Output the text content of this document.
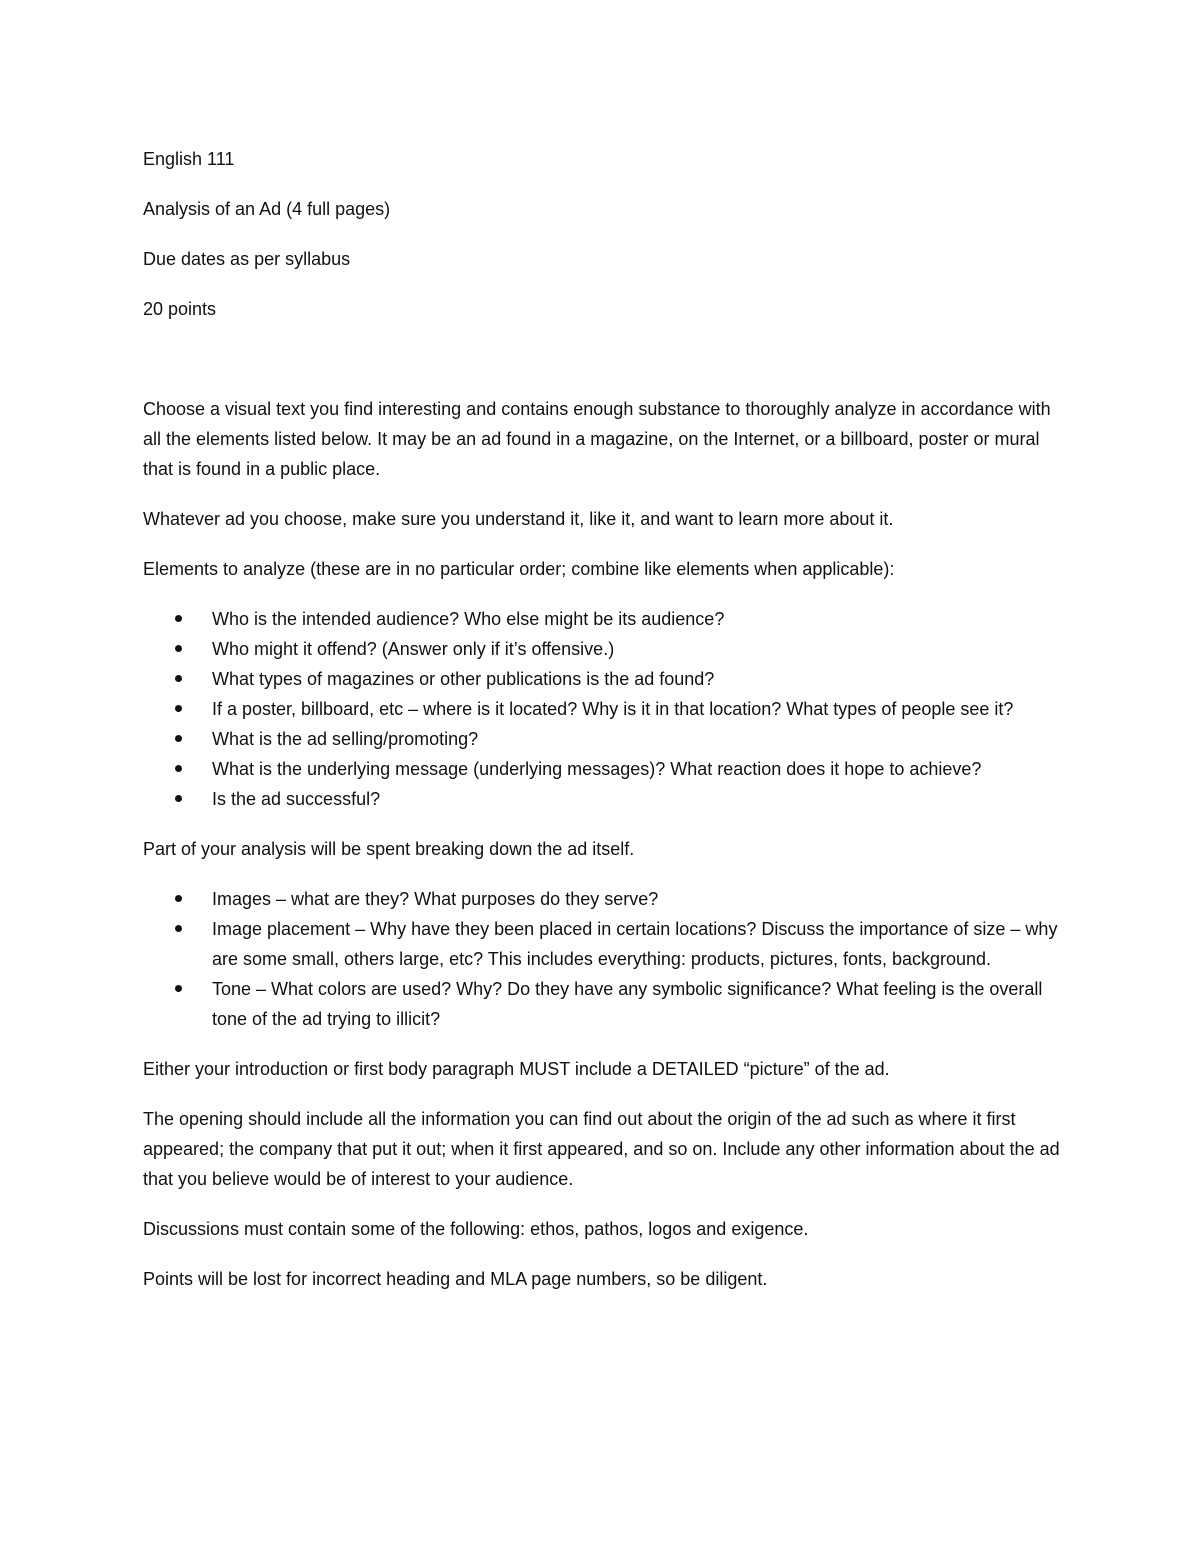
English 111

Analysis of an Ad (4 full pages)

Due dates as per syllabus

20 points

Choose a visual text you find interesting and contains enough substance to thoroughly analyze in accordance with all the elements listed below. It may be an ad found in a magazine, on the Internet, or a billboard, poster or mural that is found in a public place.

Whatever ad you choose, make sure you understand it, like it, and want to learn more about it.

Elements to analyze (these are in no particular order; combine like elements when applicable):

Who is the intended audience? Who else might be its audience?
Who might it offend? (Answer only if it’s offensive.)
What types of magazines or other publications is the ad found?
If a poster, billboard, etc – where is it located? Why is it in that location? What types of people see it?
What is the ad selling/promoting?
What is the underlying message (underlying messages)? What reaction does it hope to achieve?
Is the ad successful?

Part of your analysis will be spent breaking down the ad itself.

Images – what are they? What purposes do they serve?
Image placement – Why have they been placed in certain locations? Discuss the importance of size – why are some small, others large, etc? This includes everything: products, pictures, fonts, background.
Tone – What colors are used? Why? Do they have any symbolic significance? What feeling is the overall tone of the ad trying to illicit?

Either your introduction or first body paragraph MUST include a DETAILED “picture” of the ad.

The opening should include all the information you can find out about the origin of the ad such as where it first appeared; the company that put it out; when it first appeared, and so on. Include any other information about the ad that you believe would be of interest to your audience.

Discussions must contain some of the following: ethos, pathos, logos and exigence.

Points will be lost for incorrect heading and MLA page numbers, so be diligent.
